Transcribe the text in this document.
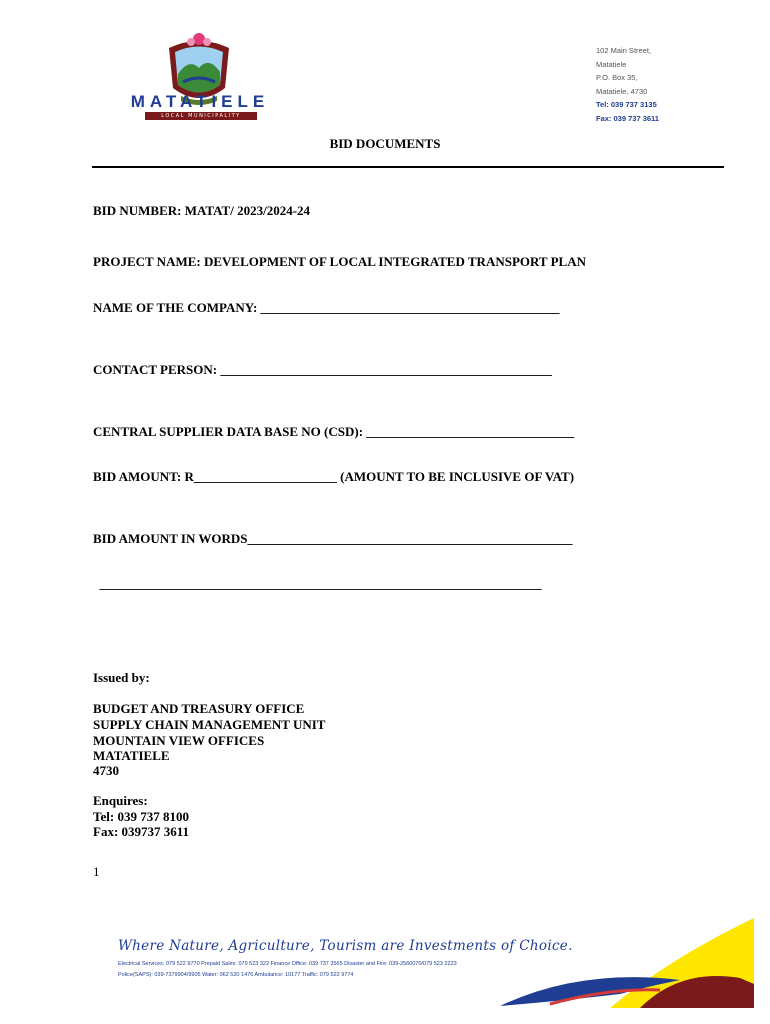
MATATIELE
LOCAL MUNICIPALITY
102 Main Street,
Matatiele
P.O. Box 35,
Matatiele, 4730
Tel: 039 737 3135
Fax: 039 737 3611
BID DOCUMENTS
BID NUMBER: MATAT/ 2023/2024-24
PROJECT NAME: DEVELOPMENT OF LOCAL INTEGRATED TRANSPORT PLAN
NAME OF THE COMPANY: ______________________________________________
CONTACT PERSON: ___________________________________________________
CENTRAL SUPPLIER DATA BASE NO (CSD): ________________________________
BID AMOUNT: R______________________ (AMOUNT TO BE INCLUSIVE OF VAT)
BID AMOUNT IN WORDS__________________________________________________
____________________________________________________________________
Issued by:
BUDGET AND TREASURY OFFICE
SUPPLY CHAIN MANAGEMENT UNIT
MOUNTAIN VIEW OFFICES
MATATIELE
4730
Enquires:
Tel: 039 737 8100
Fax: 039737 3611
1
Where Nature, Agriculture, Tourism are Investments of Choice.
Electrical Services: 079 522 9770 Prepaid Sales: 079 523 322 Finance Office: 039 737 3565 Disaster and Fire: 039-2560070/079 523 2223
Police(SAPS): 039-7379904/9905 Water: 062 520 1476 Ambulance: 10177 Traffic: 079 522 9774
